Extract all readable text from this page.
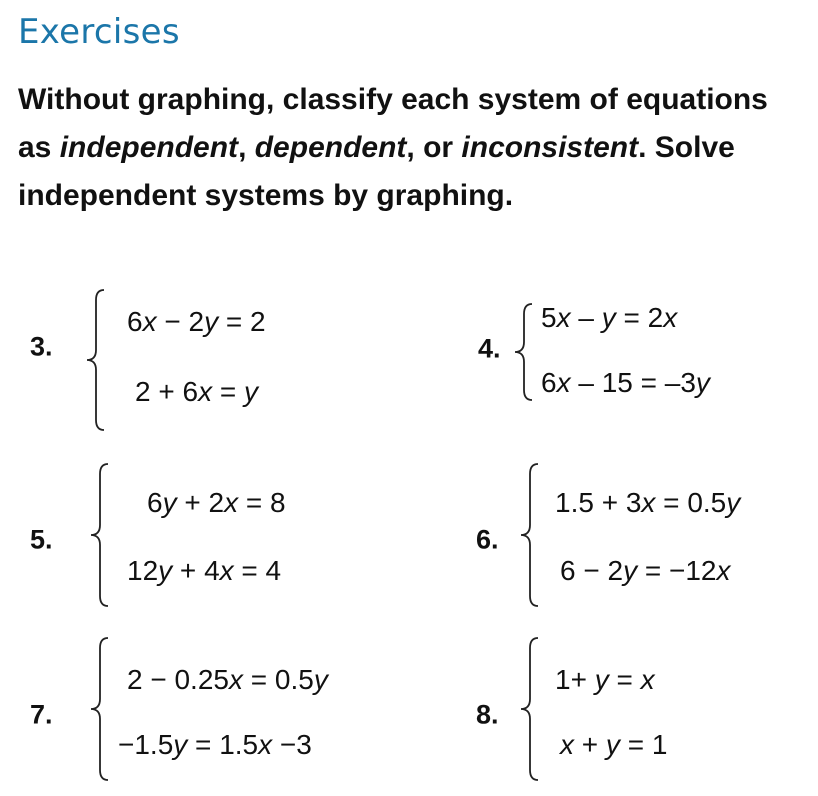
Exercises
Without graphing, classify each system of equations as independent, dependent, or inconsistent. Solve independent systems by graphing.
3.
6x − 2y = 2
2 + 6x = y
4.
5x – y = 2x
6x – 15 = –3y
5.
6y + 2x = 8
12y + 4x = 4
6.
1.5 + 3x = 0.5y
6 − 2y = −12x
7.
2 − 0.25x = 0.5y
−1.5y = 1.5x −3
8.
1+ y = x
x + y = 1
